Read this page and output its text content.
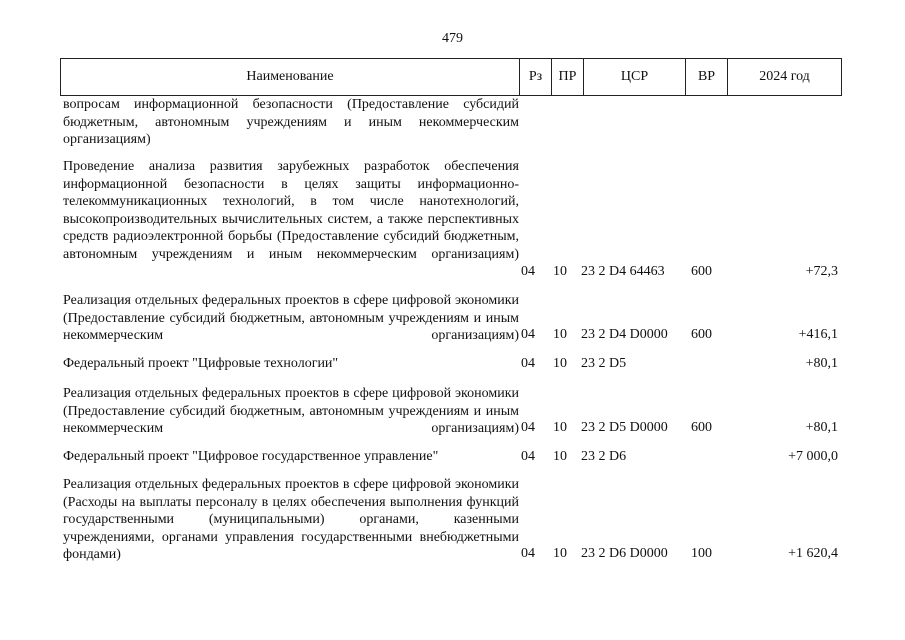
479
Наименование	Рз	ПР	ЦСР	ВР	2024 год
вопросам информационной безопасности (Предоставление субсидий бюджетным, автономным учреждениям и иным некоммерческим организациям)
Проведение анализа развития зарубежных разработок обеспечения информационной безопасности в целях защиты информационно-телекоммуникационных технологий, в том числе нанотехнологий, высокопроизводительных вычислительных систем, а также перспективных средств радиоэлектронной борьбы (Предоставление субсидий бюджетным, автономным учреждениям и иным некоммерческим организациям)
04	10	23 2 D4 64463	600	+72,3
Реализация отдельных федеральных проектов в сфере цифровой экономики (Предоставление субсидий бюджетным, автономным учреждениям и иным некоммерческим организациям) 04	10	23 2 D4 D0000	600	+416,1
Федеральный проект "Цифровые технологии"	04	10	23 2 D5	+80,1
Реализация отдельных федеральных проектов в сфере цифровой экономики (Предоставление субсидий бюджетным, автономным учреждениям и иным некоммерческим организациям) 04	10	23 2 D5 D0000	600	+80,1
Федеральный проект "Цифровое государственное управление"	04	10	23 2 D6	+7 000,0
Реализация отдельных федеральных проектов в сфере цифровой экономики (Расходы на выплаты персоналу в целях обеспечения выполнения функций государственными (муниципальными) органами, казенными учреждениями, органами управления государственными внебюджетными фондами)	04	10	23 2 D6 D0000	100	+1 620,4
